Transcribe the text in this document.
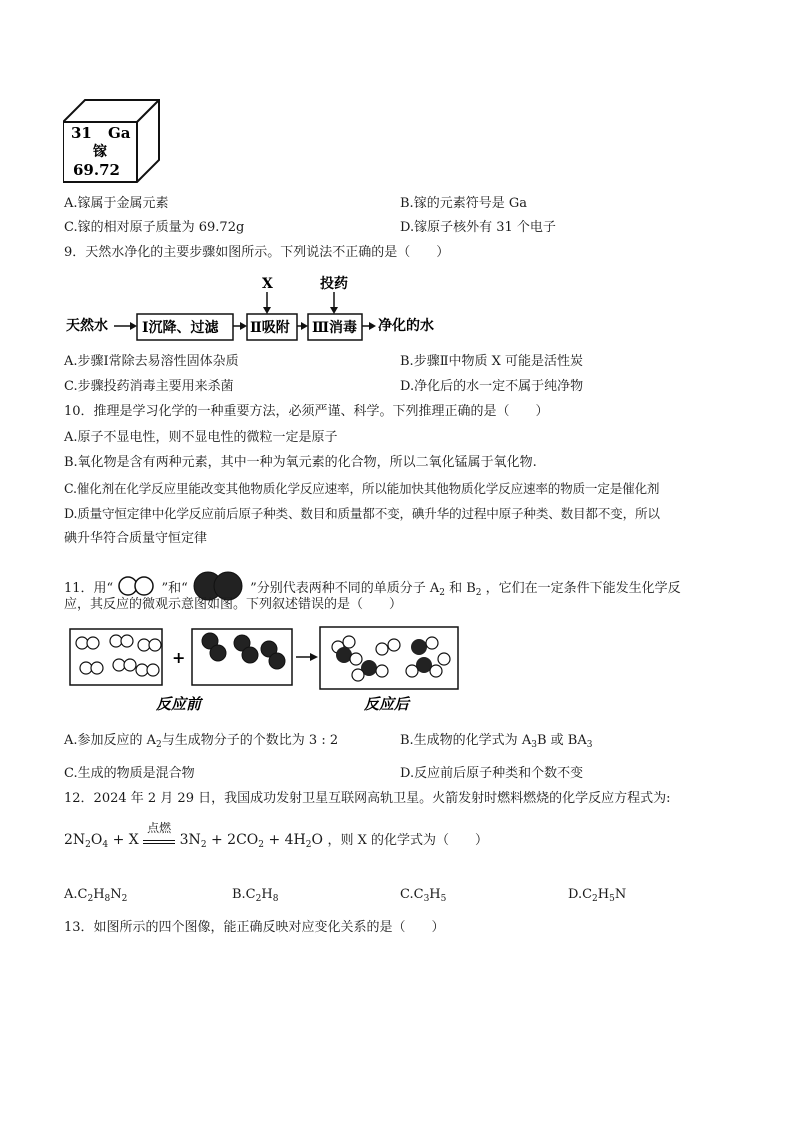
31 Ga
镓
69.72
A.镓属于金属元素	B.镓的元素符号是 Ga
C.镓的相对原子质量为 69.72g	D.镓原子核外有 31 个电子
9．天然水净化的主要步骤如图所示。下列说法不正确的是（　　）
天然水 Ⅰ沉降、过滤 Ⅱ吸附 Ⅲ消毒 净化的水
X	投药
A.步骤Ⅰ常除去易溶性固体杂质	B.步骤Ⅱ中物质 X 可能是活性炭
C.步骤投药消毒主要用来杀菌	D.净化后的水一定不属于纯净物
10．推理是学习化学的一种重要方法，必须严谨、科学。下列推理正确的是（　　）
A.原子不显电性，则不显电性的微粒一定是原子
B.氧化物是含有两种元素，其中一种为氧元素的化合物，所以二氧化锰属于氧化物.
C.催化剂在化学反应里能改变其他物质化学反应速率，所以能加快其他物质化学反应速率的物质一定是催化剂
D.质量守恒定律中化学反应前后原子种类、数目和质量都不变，碘升华的过程中原子种类、数目都不变，所以
碘升华符合质量守恒定律
11．用“	”和“	”分别代表两种不同的单质分子 $A_2$ 和 $B_2$ ，它们在一定条件下能发生化学反
应，其反应的微观示意图如图。下列叙述错误的是（　　）
+
反应前	反应后
A.参加反应的 $A_2$与生成物分子的个数比为 3 : 2	B.生成物的化学式为 $A_3B$ 或 $BA_3$
C.生成的物质是混合物	D.反应前后原子种类和个数不变
12．2024 年 2 月 29 日，我国成功发射卫星互联网高轨卫星。火箭发射时燃料燃烧的化学反应方程式为:
$2N_2O_4 + X$
点燃
$3N_2 + 2CO_2 + 4H_2O$ ，则 X 的化学式为（　　）
$A.C_2H_8N_2$	$B.C_2H_8$	$C.C_3H_5$	$D.C_2H_5N$
13．如图所示的四个图像，能正确反映对应变化关系的是（　　）
